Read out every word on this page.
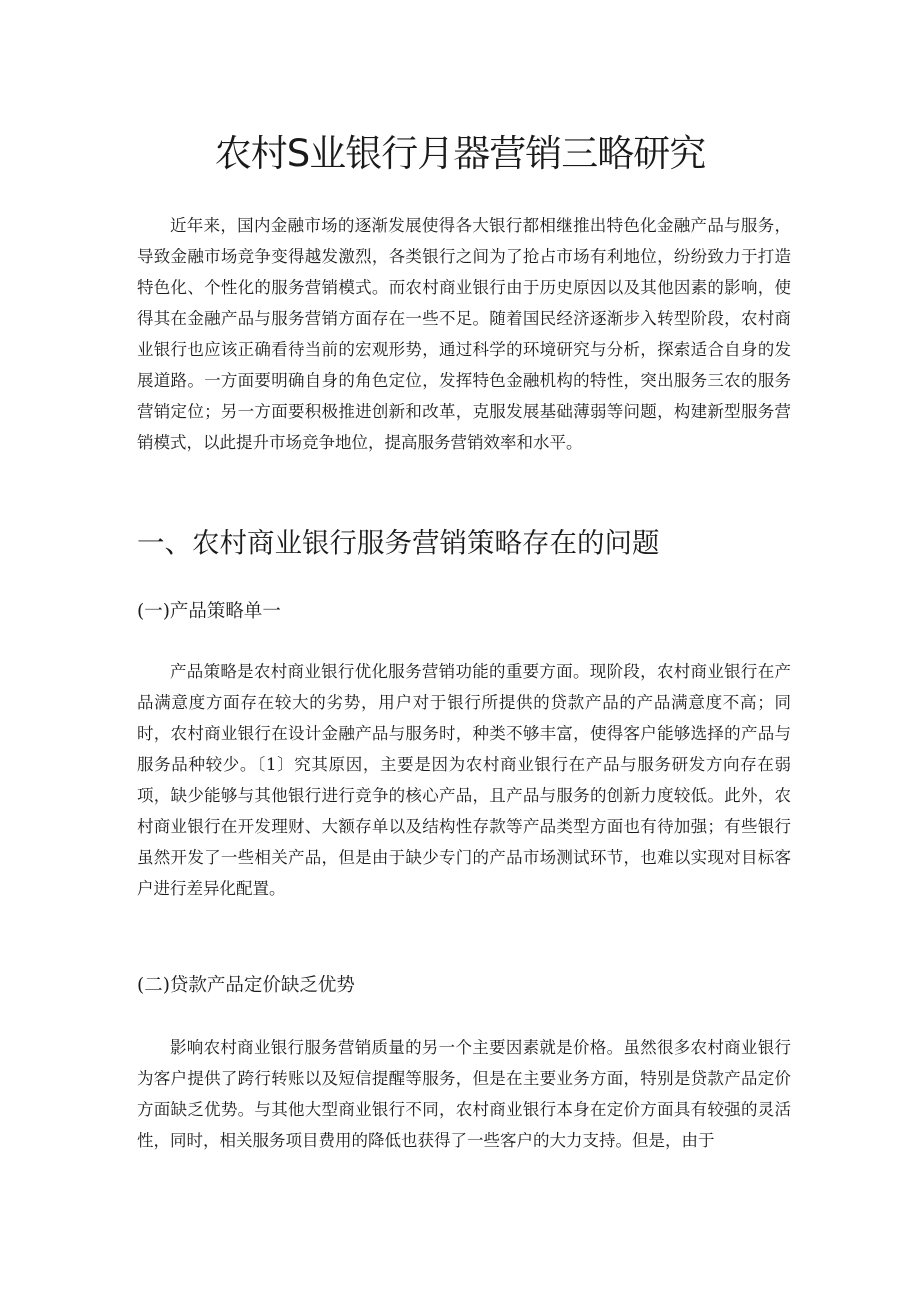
农村S业银行月器营销三略研究

近年来，国内金融市场的逐渐发展使得各大银行都相继推出特色化金融产品与服务，导致金融市场竞争变得越发激烈，各类银行之间为了抢占市场有利地位，纷纷致力于打造特色化、个性化的服务营销模式。而农村商业银行由于历史原因以及其他因素的影响，使得其在金融产品与服务营销方面存在一些不足。随着国民经济逐渐步入转型阶段，农村商业银行也应该正确看待当前的宏观形势，通过科学的环境研究与分析，探索适合自身的发展道路。一方面要明确自身的角色定位，发挥特色金融机构的特性，突出服务三农的服务营销定位；另一方面要积极推进创新和改革，克服发展基础薄弱等问题，构建新型服务营销模式，以此提升市场竞争地位，提高服务营销效率和水平。

一、农村商业银行服务营销策略存在的问题
(一)产品策略单一

产品策略是农村商业银行优化服务营销功能的重要方面。现阶段，农村商业银行在产品满意度方面存在较大的劣势，用户对于银行所提供的贷款产品的产品满意度不高；同时，农村商业银行在设计金融产品与服务时，种类不够丰富，使得客户能够选择的产品与服务品种较少。〔1〕究其原因，主要是因为农村商业银行在产品与服务研发方向存在弱项，缺少能够与其他银行进行竞争的核心产品，且产品与服务的创新力度较低。此外，农村商业银行在开发理财、大额存单以及结构性存款等产品类型方面也有待加强；有些银行虽然开发了一些相关产品，但是由于缺少专门的产品市场测试环节，也难以实现对目标客户进行差异化配置。

(二)贷款产品定价缺乏优势

影响农村商业银行服务营销质量的另一个主要因素就是价格。虽然很多农村商业银行为客户提供了跨行转账以及短信提醒等服务，但是在主要业务方面，特别是贷款产品定价方面缺乏优势。与其他大型商业银行不同，农村商业银行本身在定价方面具有较强的灵活性，同时，相关服务项目费用的降低也获得了一些客户的大力支持。但是，由于
